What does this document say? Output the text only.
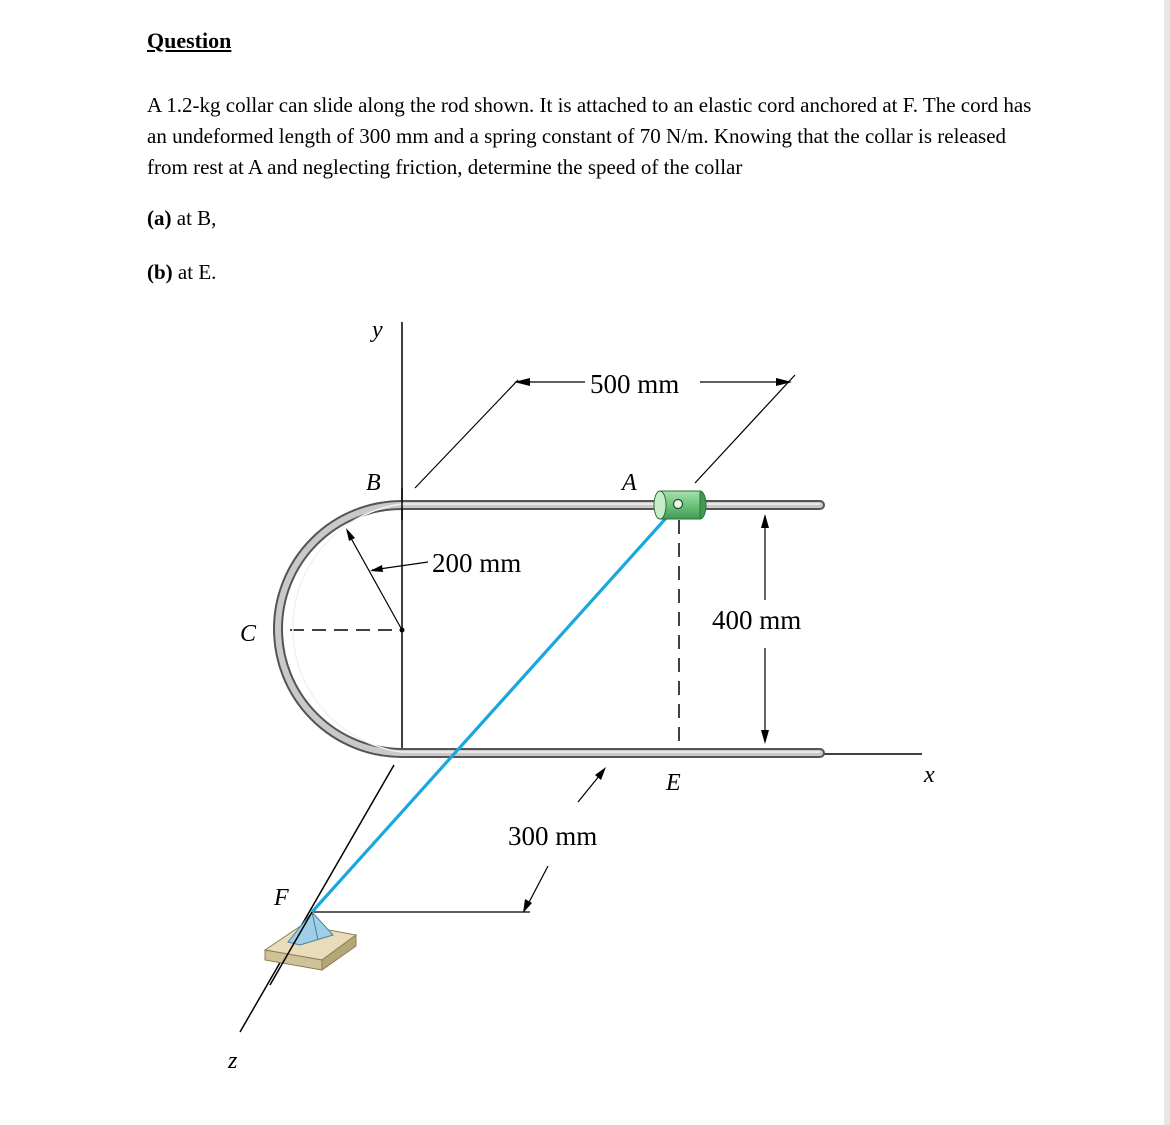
Question
A 1.2-kg collar can slide along the rod shown. It is attached to an elastic cord anchored at F. The cord has an undeformed length of 300 mm and a spring constant of 70 N/m. Knowing that the collar is released from rest at A and neglecting friction, determine the speed of the collar
(a) at B,
(b) at E.
y
x
z
C
200 mm
B
500 mm
A
E
400 mm
300 mm
F
